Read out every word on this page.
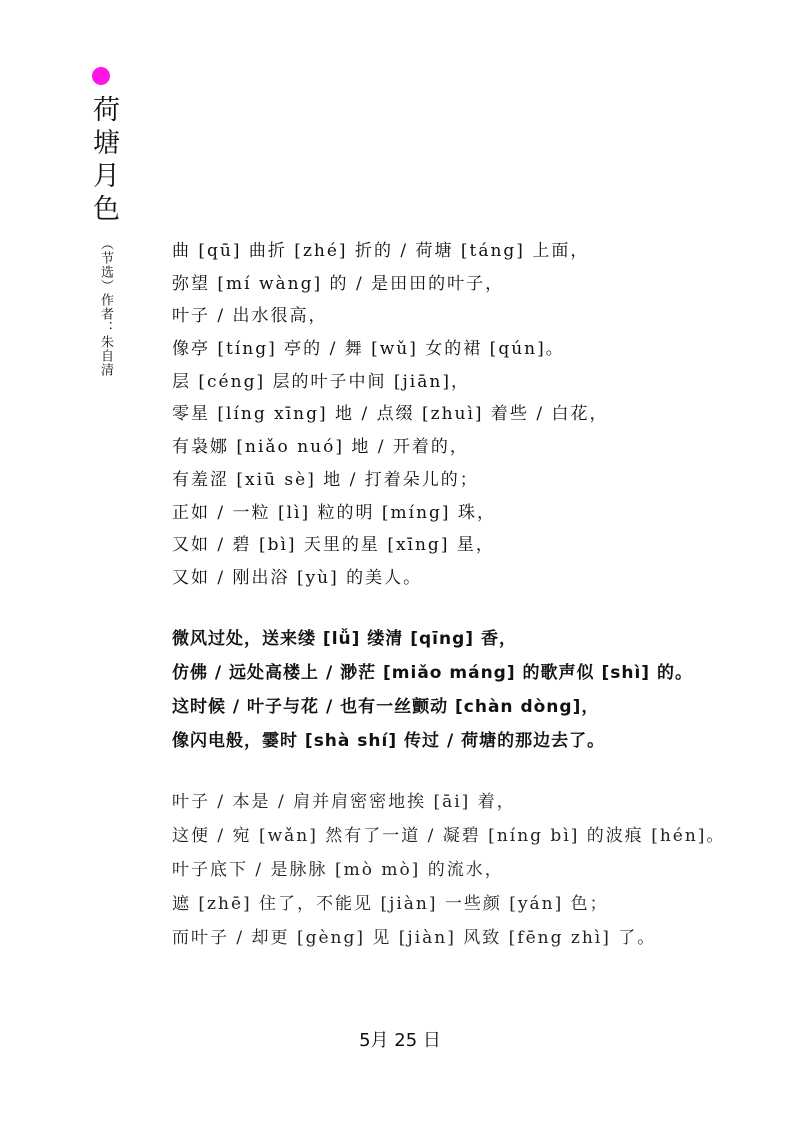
荷塘月色
（节选）作者：朱自清	曲 [qū] 曲折 [zhé] 折的 / 荷塘 [táng] 上面，
弥望 [mí wàng] 的 / 是田田的叶子，
叶子 / 出水很高，
像亭 [tíng] 亭的 / 舞 [wǔ] 女的裙 [qún]。
层 [céng] 层的叶子中间 [jiān]，
零星 [líng xīng] 地 / 点缀 [zhuì] 着些 / 白花，
有袅娜 [niǎo nuó] 地 / 开着的，
有羞涩 [xiū sè] 地 / 打着朵儿的；
正如 / 一粒 [lì] 粒的明 [míng] 珠，
又如 / 碧 [bì] 天里的星 [xīng] 星，
又如 / 刚出浴 [yù] 的美人。
微风过处，送来缕 [lǚ] 缕清 [qīng] 香，
仿佛 / 远处高楼上 / 渺茫 [miǎo máng] 的歌声似 [shì] 的。
这时候 / 叶子与花 / 也有一丝颤动 [chàn dòng]，
像闪电般，霎时 [shà shí] 传过 / 荷塘的那边去了。
叶子 / 本是 / 肩并肩密密地挨 [āi] 着，
这便 / 宛 [wǎn] 然有了一道 / 凝碧 [níng bì] 的波痕 [hén]。
叶子底下 / 是脉脉 [mò mò] 的流水，
遮 [zhē] 住了，不能见 [jiàn] 一些颜 [yán] 色；
而叶子 / 却更 [gèng] 见 [jiàn] 风致 [fēng zhì] 了。
5月 25 日
